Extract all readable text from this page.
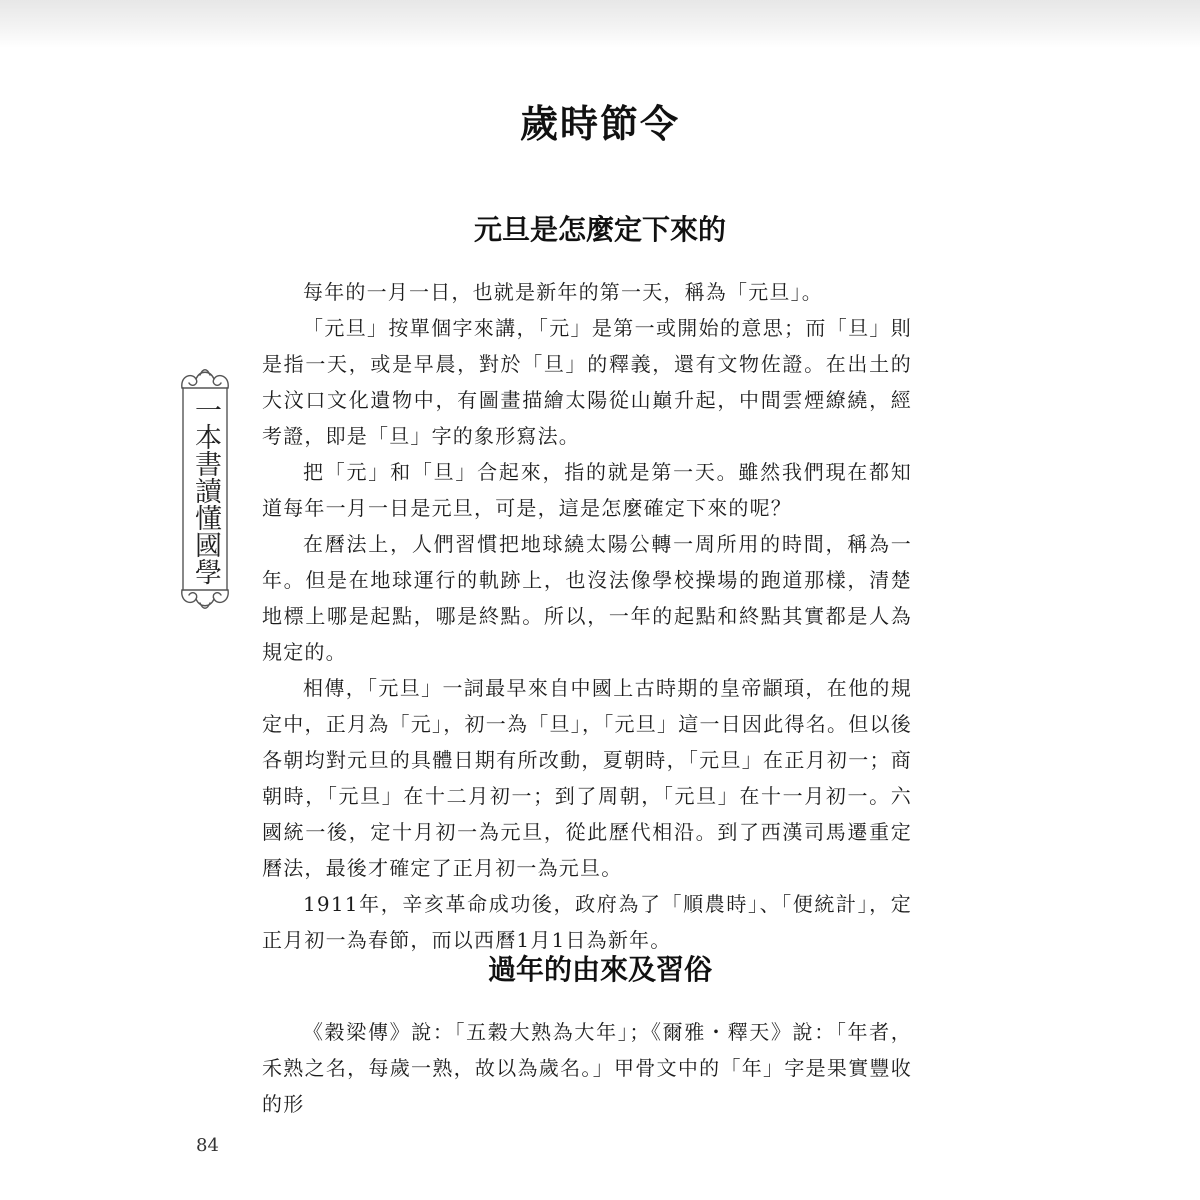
歲時節令
元旦是怎麼定下來的

每年的一月一日，也就是新年的第一天，稱為「元旦」。

「元旦」按單個字來講，「元」是第一或開始的意思；而「旦」則是指一天，或是早晨，對於「旦」的釋義，還有文物佐證。在出土的大汶口文化遺物中，有圖畫描繪太陽從山巔升起，中間雲煙繚繞，經考證，即是「旦」字的象形寫法。

把「元」和「旦」合起來，指的就是第一天。雖然我們現在都知道每年一月一日是元旦，可是，這是怎麼確定下來的呢？

在曆法上，人們習慣把地球繞太陽公轉一周所用的時間，稱為一年。但是在地球運行的軌跡上，也沒法像學校操場的跑道那樣，清楚地標上哪是起點，哪是終點。所以，一年的起點和終點其實都是人為規定的。

相傳，「元旦」一詞最早來自中國上古時期的皇帝顓頊，在他的規定中，正月為「元」，初一為「旦」，「元旦」這一日因此得名。但以後各朝均對元旦的具體日期有所改動，夏朝時，「元旦」在正月初一；商朝時，「元旦」在十二月初一；到了周朝，「元旦」在十一月初一。六國統一後，定十月初一為元旦，從此歷代相沿。到了西漢司馬遷重定曆法，最後才確定了正月初一為元旦。

1911年，辛亥革命成功後，政府為了「順農時」、「便統計」，定正月初一為春節，而以西曆1月1日為新年。

過年的由來及習俗

《穀梁傳》說：「五穀大熟為大年」；《爾雅・釋天》說：「年者，禾熟之名，每歲一熟，故以為歲名。」甲骨文中的「年」字是果實豐收的形

一本書讀懂國學
84
